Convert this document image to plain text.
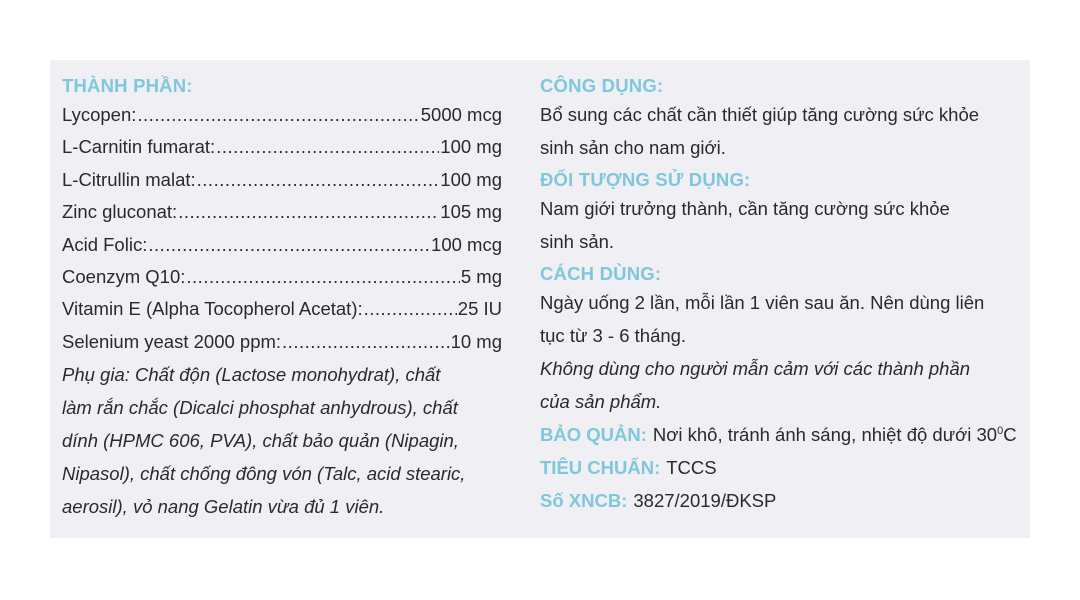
THÀNH PHẦN:
Lycopen: .....	5000 mcg
L-Carnitin fumarat: .....	100 mg
L-Citrullin malat: .....	100 mg
Zinc gluconat: .....	105 mg
Acid Folic: .....	100 mcg
Coenzym Q10: .....	5 mg
Vitamin E (Alpha Tocopherol Acetat): .....	25 IU
Selenium yeast 2000 ppm: .....	10 mg
Phụ gia: Chất độn (Lactose monohydrat), chất
làm rắn chắc (Dicalci phosphat anhydrous), chất
dính (HPMC 606, PVA), chất bảo quản (Nipagin,
Nipasol), chất chống đông vón (Talc, acid stearic,
aerosil), vỏ nang Gelatin vừa đủ 1 viên.
CÔNG DỤNG:
Bổ sung các chất cần thiết giúp tăng cường sức khỏe
sinh sản cho nam giới.
ĐỐI TƯỢNG SỬ DỤNG:
Nam giới trưởng thành, cần tăng cường sức khỏe
sinh sản.
CÁCH DÙNG:
Ngày uống 2 lần, mỗi lần 1 viên sau ăn. Nên dùng liên
tục từ 3 - 6 tháng.
Không dùng cho người mẫn cảm với các thành phần
của sản phẩm.
BẢO QUẢN: Nơi khô, tránh ánh sáng, nhiệt độ dưới $30^0C$
TIÊU CHUẨN: TCCS
Số XNCB: 3827/2019/ĐKSP
